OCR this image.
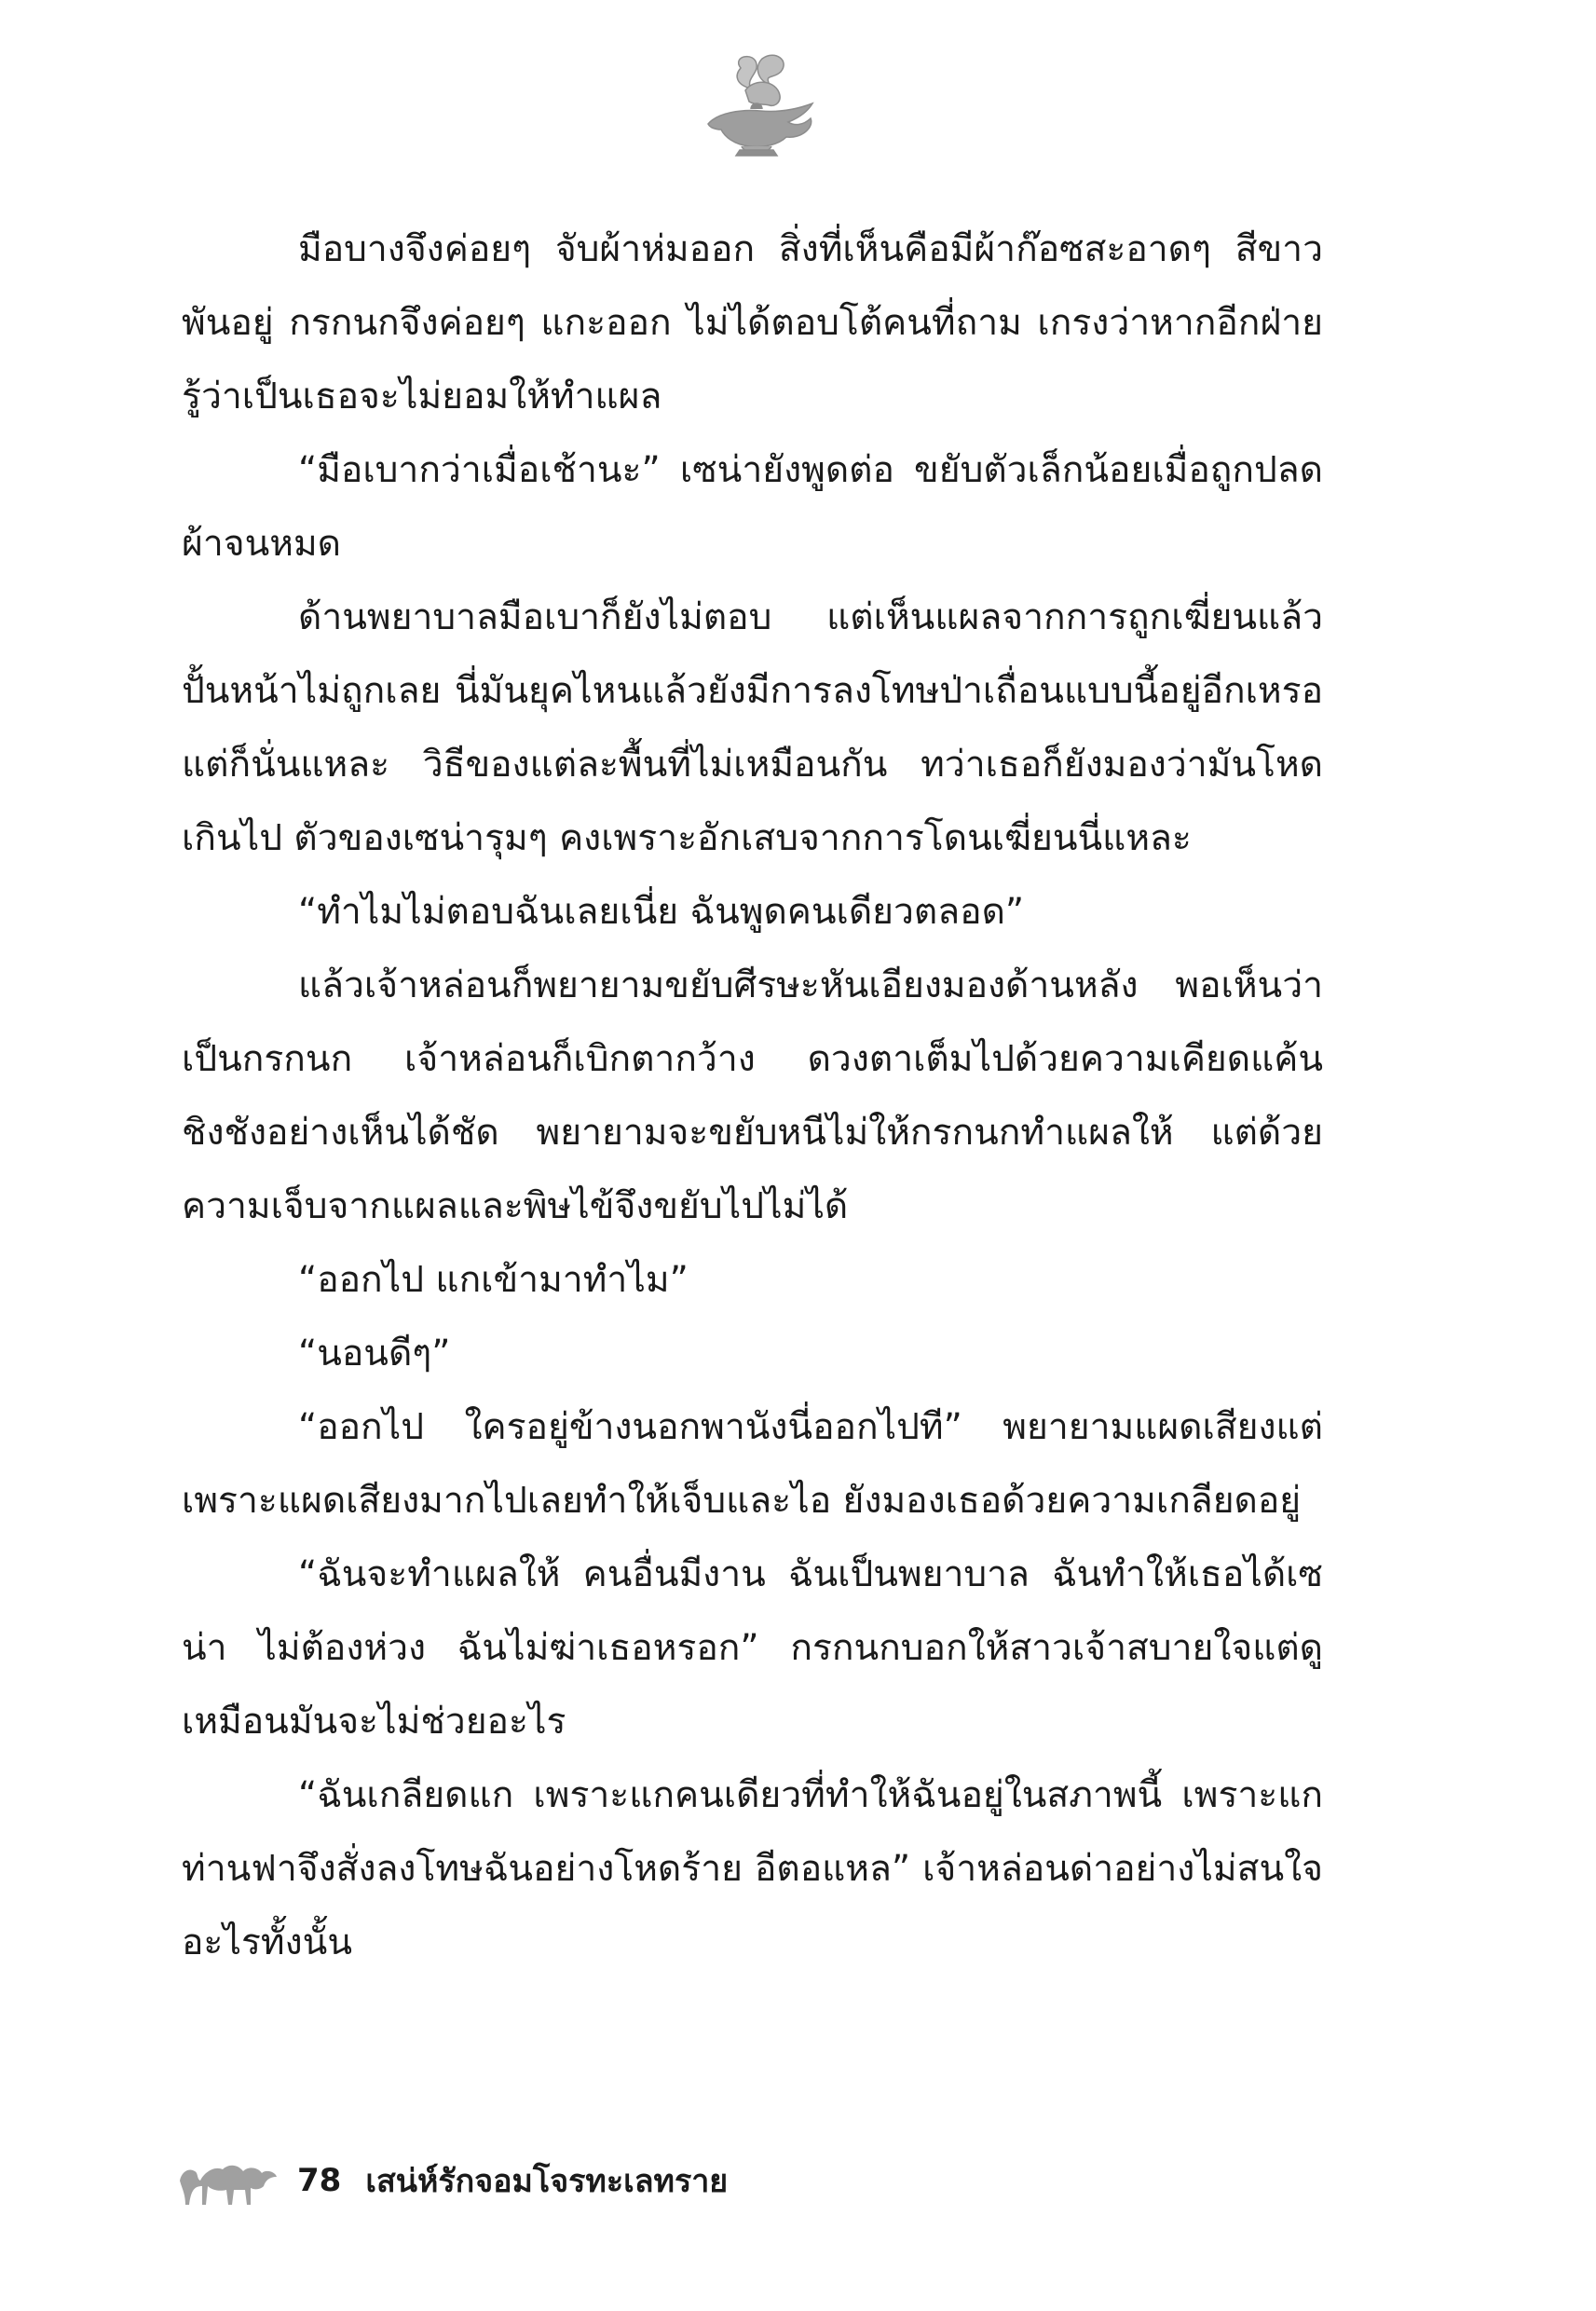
มือบางจึงค่อยๆ จับผ้าห่มออก สิ่งที่เห็นคือมีผ้าก๊อซสะอาดๆ สีขาวพันอยู่ กรกนกจึงค่อยๆ แกะออก ไม่ได้ตอบโต้คนที่ถาม เกรงว่าหากอีกฝ่ายรู้ว่าเป็นเธอจะไม่ยอมให้ทำแผล

“มือเบากว่าเมื่อเช้านะ” เซน่ายังพูดต่อ ขยับตัวเล็กน้อยเมื่อถูกปลดผ้าจนหมด

ด้านพยาบาลมือเบาก็ยังไม่ตอบ แต่เห็นแผลจากการถูกเฆี่ยนแล้วปั้นหน้าไม่ถูกเลย นี่มันยุคไหนแล้วยังมีการลงโทษป่าเถื่อนแบบนี้อยู่อีกเหรอ แต่ก็นั่นแหละ วิธีของแต่ละพื้นที่ไม่เหมือนกัน ทว่าเธอก็ยังมองว่ามันโหดเกินไป ตัวของเซน่ารุมๆ คงเพราะอักเสบจากการโดนเฆี่ยนนี่แหละ

“ทำไมไม่ตอบฉันเลยเนี่ย ฉันพูดคนเดียวตลอด”

แล้วเจ้าหล่อนก็พยายามขยับศีรษะหันเอียงมองด้านหลัง พอเห็นว่าเป็นกรกนก เจ้าหล่อนก็เบิกตากว้าง ดวงตาเต็มไปด้วยความเคียดแค้นชิงชังอย่างเห็นได้ชัด พยายามจะขยับหนีไม่ให้กรกนกทำแผลให้ แต่ด้วยความเจ็บจากแผลและพิษไข้จึงขยับไปไม่ได้

“ออกไป แกเข้ามาทำไม”

“นอนดีๆ”

“ออกไป ใครอยู่ข้างนอกพานังนี่ออกไปที” พยายามแผดเสียงแต่เพราะแผดเสียงมากไปเลยทำให้เจ็บและไอ ยังมองเธอด้วยความเกลียดอยู่

“ฉันจะทำแผลให้ คนอื่นมีงาน ฉันเป็นพยาบาล ฉันทำให้เธอได้เซน่า ไม่ต้องห่วง ฉันไม่ฆ่าเธอหรอก” กรกนกบอกให้สาวเจ้าสบายใจแต่ดูเหมือนมันจะไม่ช่วยอะไร

“ฉันเกลียดแก เพราะแกคนเดียวที่ทำให้ฉันอยู่ในสภาพนี้ เพราะแกท่านฟาจึงสั่งลงโทษฉันอย่างโหดร้าย อีตอแหล” เจ้าหล่อนด่าอย่างไม่สนใจอะไรทั้งนั้น

78 เสน่ห์รักจอมโจรทะเลทราย
